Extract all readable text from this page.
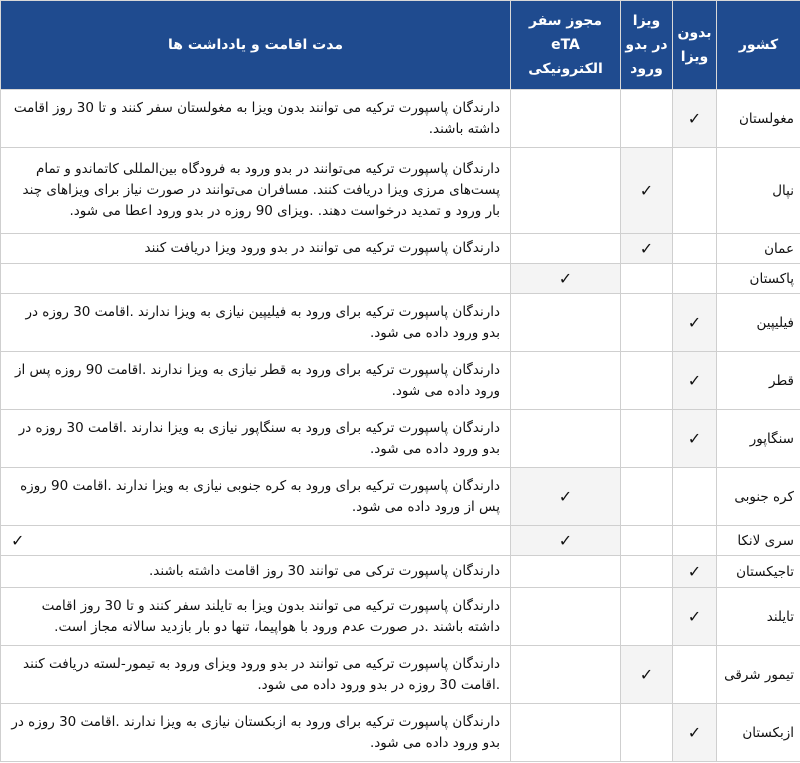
مدت اقامت و یادداشت ها	مجوز سفر eTA الکترونیکی	ویزا در بدو ورود	بدون ویزا	کشور
دارندگان پاسپورت ترکیه می توانند بدون ویزا به مغولستان سفر کنند و تا 30 روز اقامت داشته باشند.			✓	مغولستان
دارندگان پاسپورت ترکیه می‌توانند در بدو ورود به فرودگاه بین‌المللی کاتماندو و تمام پست‌های مرزی ویزا دریافت کنند. مسافران می‌توانند در صورت نیاز برای ویزاهای چند بار ورود و تمدید درخواست دهند. .ویزای 90 روزه در بدو ورود اعطا می شود.		✓		نپال
دارندگان پاسپورت ترکیه می توانند در بدو ورود ویزا دریافت کنند		✓		عمان
	✓			پاکستان
دارندگان پاسپورت ترکیه برای ورود به فیلیپین نیازی به ویزا ندارند .اقامت 30 روزه در بدو ورود داده می شود.			✓	فیلیپین
دارندگان پاسپورت ترکیه برای ورود به قطر نیازی به ویزا ندارند .اقامت 90 روزه پس از ورود داده می شود.			✓	قطر
دارندگان پاسپورت ترکیه برای ورود به سنگاپور نیازی به ویزا ندارند .اقامت 30 روزه در بدو ورود داده می شود.			✓	سنگاپور
دارندگان پاسپورت ترکیه برای ورود به کره جنوبی نیازی به ویزا ندارند .اقامت 90 روزه پس از ورود داده می شود.	✓			کره جنوبی
✓	✓			سری لانکا
دارندگان پاسپورت ترکی می توانند 30 روز اقامت داشته باشند.			✓	تاجیکستان
دارندگان پاسپورت ترکیه می توانند بدون ویزا به تایلند سفر کنند و تا 30 روز اقامت داشته باشند .در صورت عدم ورود با هواپیما، تنها دو بار بازدید سالانه مجاز است.			✓	تایلند
دارندگان پاسپورت ترکیه می توانند در بدو ورود ویزای ورود به تیمور-لسته دریافت کنند .اقامت 30 روزه در بدو ورود داده می شود.		✓		تیمور شرقی
دارندگان پاسپورت ترکیه برای ورود به ازبکستان نیازی به ویزا ندارند .اقامت 30 روزه در بدو ورود داده می شود.			✓	ازبکستان
